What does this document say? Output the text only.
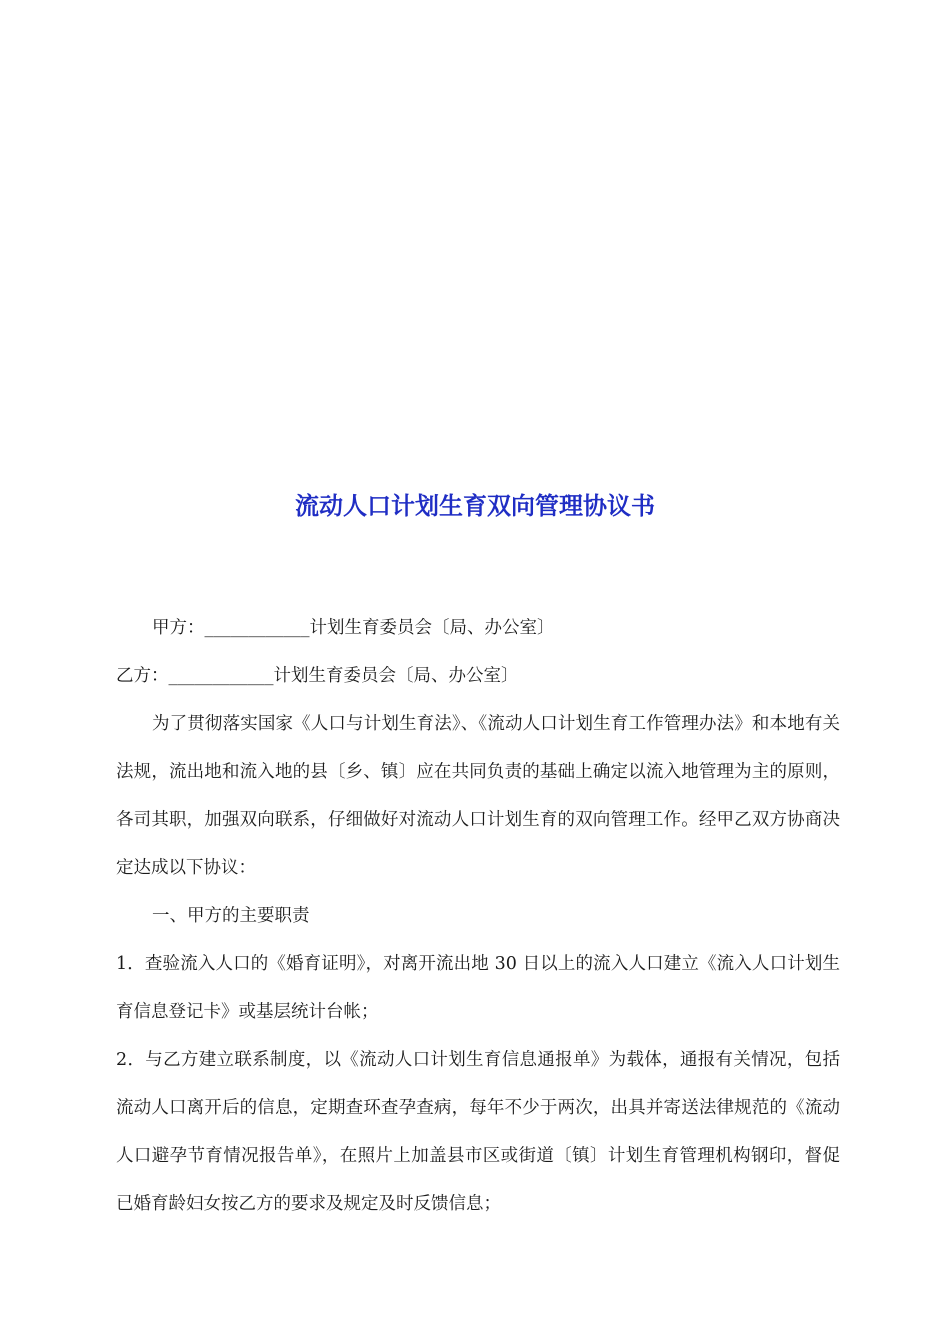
流动人口计划生育双向管理协议书

甲方：____________计划生育委员会〔局、办公室〕

乙方：____________计划生育委员会〔局、办公室〕

为了贯彻落实国家《人口与计划生育法》、《流动人口计划生育工作管理办法》和本地有关法规，流出地和流入地的县〔乡、镇〕应在共同负责的基础上确定以流入地管理为主的原则，各司其职，加强双向联系，仔细做好对流动人口计划生育的双向管理工作。经甲乙双方协商决定达成以下协议：

一、甲方的主要职责

1．查验流入人口的《婚育证明》，对离开流出地 30 日以上的流入人口建立《流入人口计划生育信息登记卡》或基层统计台帐；

2．与乙方建立联系制度，以《流动人口计划生育信息通报单》为载体，通报有关情况，包括流动人口离开后的信息，定期查环查孕查病，每年不少于两次，出具并寄送法律规范的《流动人口避孕节育情况报告单》，在照片上加盖县市区或街道〔镇〕计划生育管理机构钢印，督促已婚育龄妇女按乙方的要求及规定及时反馈信息；
